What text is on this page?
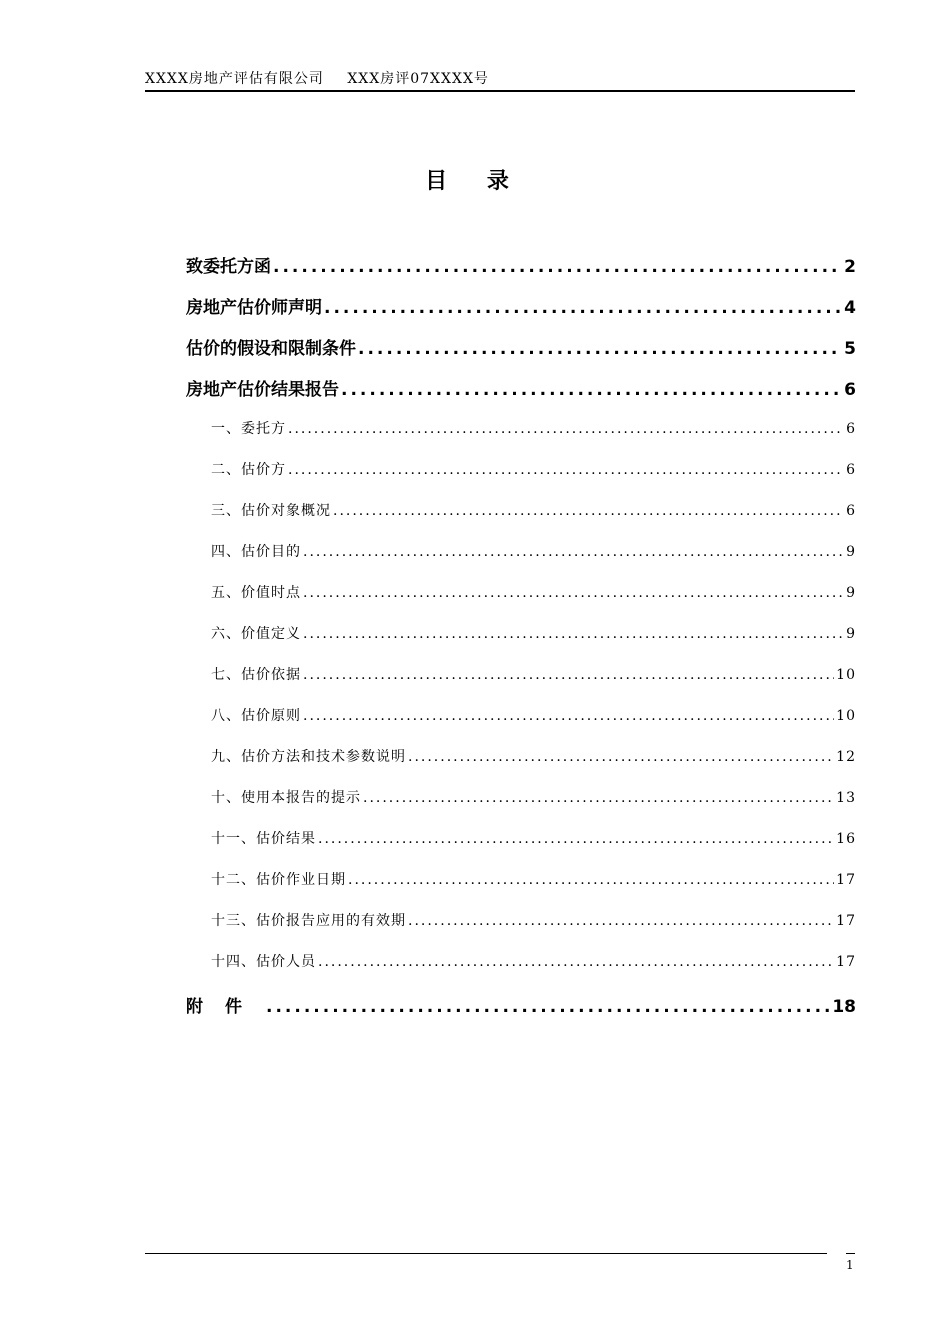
XXXX房地产评估有限公司 XXX房评07XXXX号
目 录
致委托方函 .....	2
房地产估价师声明 .....	4
估价的假设和限制条件 .....	5
房地产估价结果报告 .....	6
一、委托方 .....	6
二、估价方 .....	6
三、估价对象概况 .....	6
四、估价目的 .....	9
五、价值时点 .....	9
六、价值定义 .....	9
七、估价依据 .....	10
八、估价原则 .....	10
九、估价方法和技术参数说明 .....	12
十、使用本报告的提示 .....	13
十一、估价结果 .....	16
十二、估价作业日期 .....	17
十三、估价报告应用的有效期 .....	17
十四、估价人员 .....	17
附件 .....	18
1
